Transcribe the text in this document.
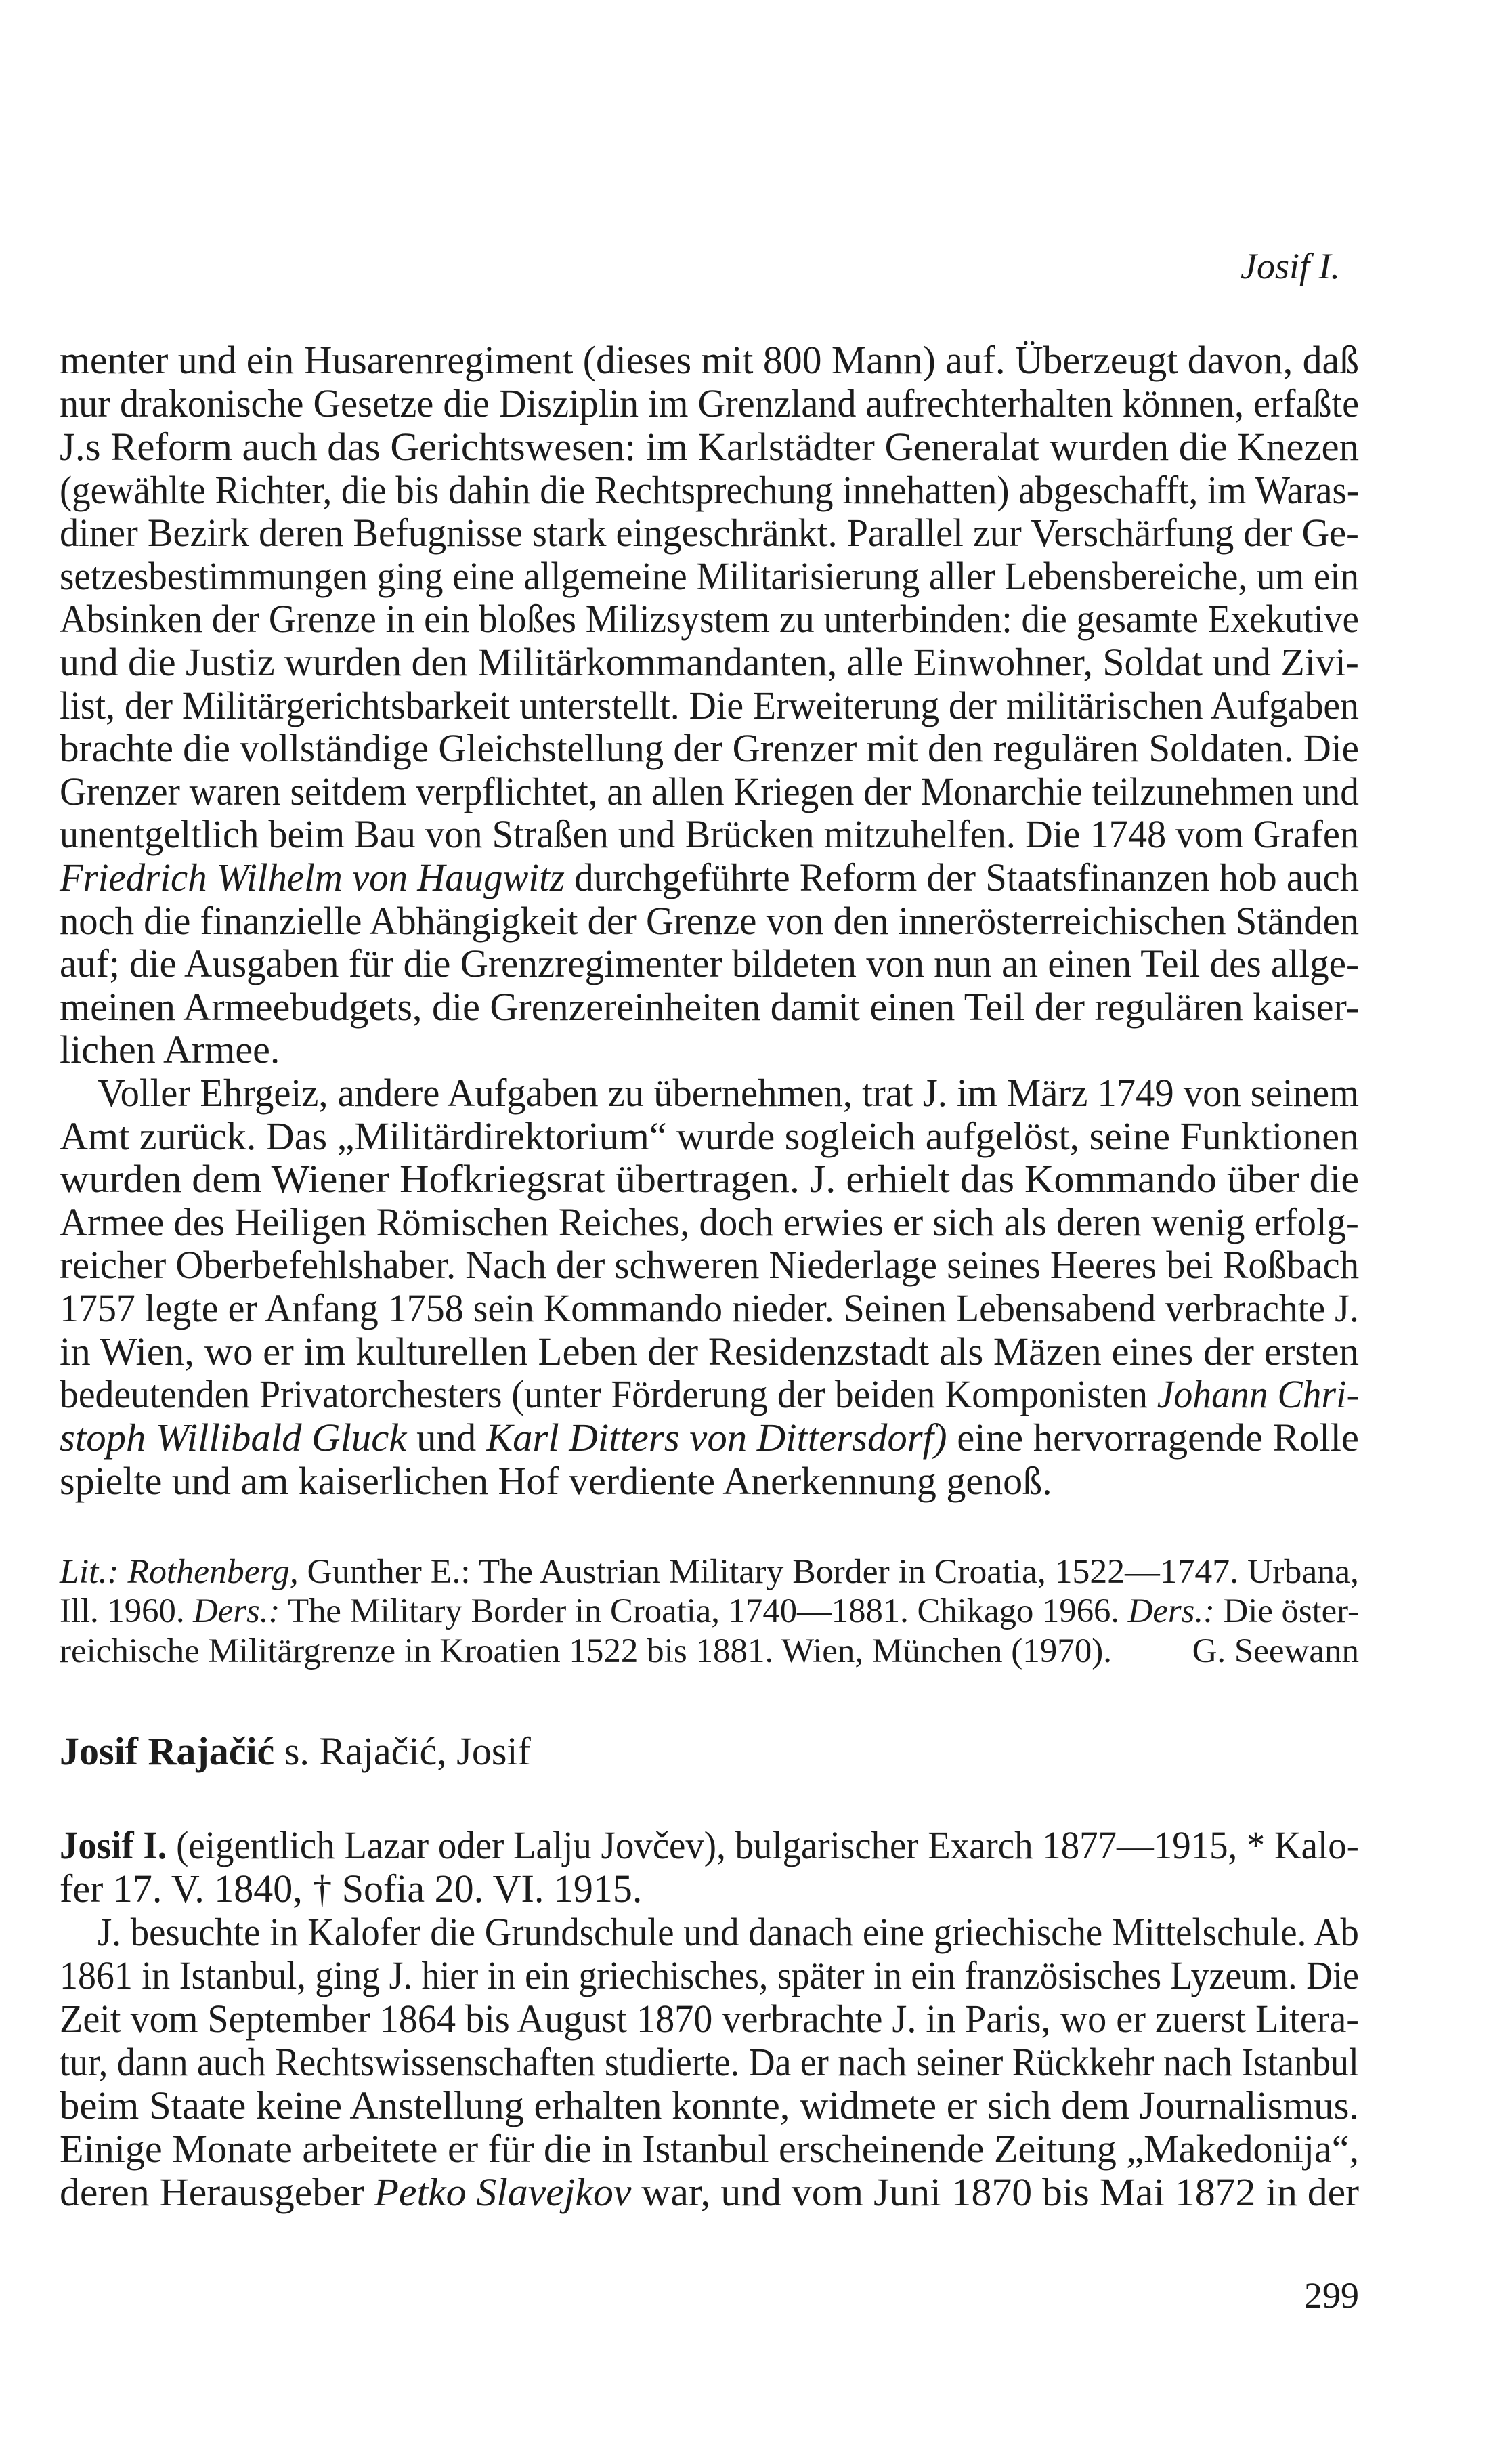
Josif I.
menter und ein Husarenregiment (dieses mit 800 Mann) auf. Überzeugt davon, daß
nur drakonische Gesetze die Disziplin im Grenzland aufrechterhalten können, erfaßte
J.s Reform auch das Gerichtswesen: im Karlstädter Generalat wurden die Knezen
(gewählte Richter, die bis dahin die Rechtsprechung innehatten) abgeschafft, im Waras-
diner Bezirk deren Befugnisse stark eingeschränkt. Parallel zur Verschärfung der Ge-
setzesbestimmungen ging eine allgemeine Militarisierung aller Lebensbereiche, um ein
Absinken der Grenze in ein bloßes Milizsystem zu unterbinden: die gesamte Exekutive
und die Justiz wurden den Militärkommandanten, alle Einwohner, Soldat und Zivi-
list, der Militärgerichtsbarkeit unterstellt. Die Erweiterung der militärischen Aufgaben
brachte die vollständige Gleichstellung der Grenzer mit den regulären Soldaten. Die
Grenzer waren seitdem verpflichtet, an allen Kriegen der Monarchie teilzunehmen und
unentgeltlich beim Bau von Straßen und Brücken mitzuhelfen. Die 1748 vom Grafen
Friedrich Wilhelm von Haugwitz durchgeführte Reform der Staatsfinanzen hob auch
noch die finanzielle Abhängigkeit der Grenze von den innerösterreichischen Ständen
auf; die Ausgaben für die Grenzregimenter bildeten von nun an einen Teil des allge-
meinen Armeebudgets, die Grenzereinheiten damit einen Teil der regulären kaiser-
lichen Armee.
Voller Ehrgeiz, andere Aufgaben zu übernehmen, trat J. im März 1749 von seinem
Amt zurück. Das „Militärdirektorium“ wurde sogleich aufgelöst, seine Funktionen
wurden dem Wiener Hofkriegsrat übertragen. J. erhielt das Kommando über die
Armee des Heiligen Römischen Reiches, doch erwies er sich als deren wenig erfolg-
reicher Oberbefehlshaber. Nach der schweren Niederlage seines Heeres bei Roßbach
1757 legte er Anfang 1758 sein Kommando nieder. Seinen Lebensabend verbrachte J.
in Wien, wo er im kulturellen Leben der Residenzstadt als Mäzen eines der ersten
bedeutenden Privatorchesters (unter Förderung der beiden Komponisten Johann Chri-
stoph Willibald Gluck und Karl Ditters von Dittersdorf) eine hervorragende Rolle
spielte und am kaiserlichen Hof verdiente Anerkennung genoß.
Lit.: Rothenberg, Gunther E.: The Austrian Military Border in Croatia, 1522—1747. Urbana,
Ill. 1960. Ders.: The Military Border in Croatia, 1740—1881. Chikago 1966. Ders.: Die öster-
reichische Militärgrenze in Kroatien 1522 bis 1881. Wien, München (1970).
Josif Rajačić s. Rajačić, Josif
Josif I. (eigentlich Lazar oder Lalju Jovčev), bulgarischer Exarch 1877—1915, * Kalo-
fer 17. V. 1840, † Sofia 20. VI. 1915.
J. besuchte in Kalofer die Grundschule und danach eine griechische Mittelschule. Ab
1861 in Istanbul, ging J. hier in ein griechisches, später in ein französisches Lyzeum. Die
Zeit vom September 1864 bis August 1870 verbrachte J. in Paris, wo er zuerst Litera-
tur, dann auch Rechtswissenschaften studierte. Da er nach seiner Rückkehr nach Istanbul
beim Staate keine Anstellung erhalten konnte, widmete er sich dem Journalismus.
Einige Monate arbeitete er für die in Istanbul erscheinende Zeitung „Makedonija“,
deren Herausgeber Petko Slavejkov war, und vom Juni 1870 bis Mai 1872 in der
G. Seewann
299
